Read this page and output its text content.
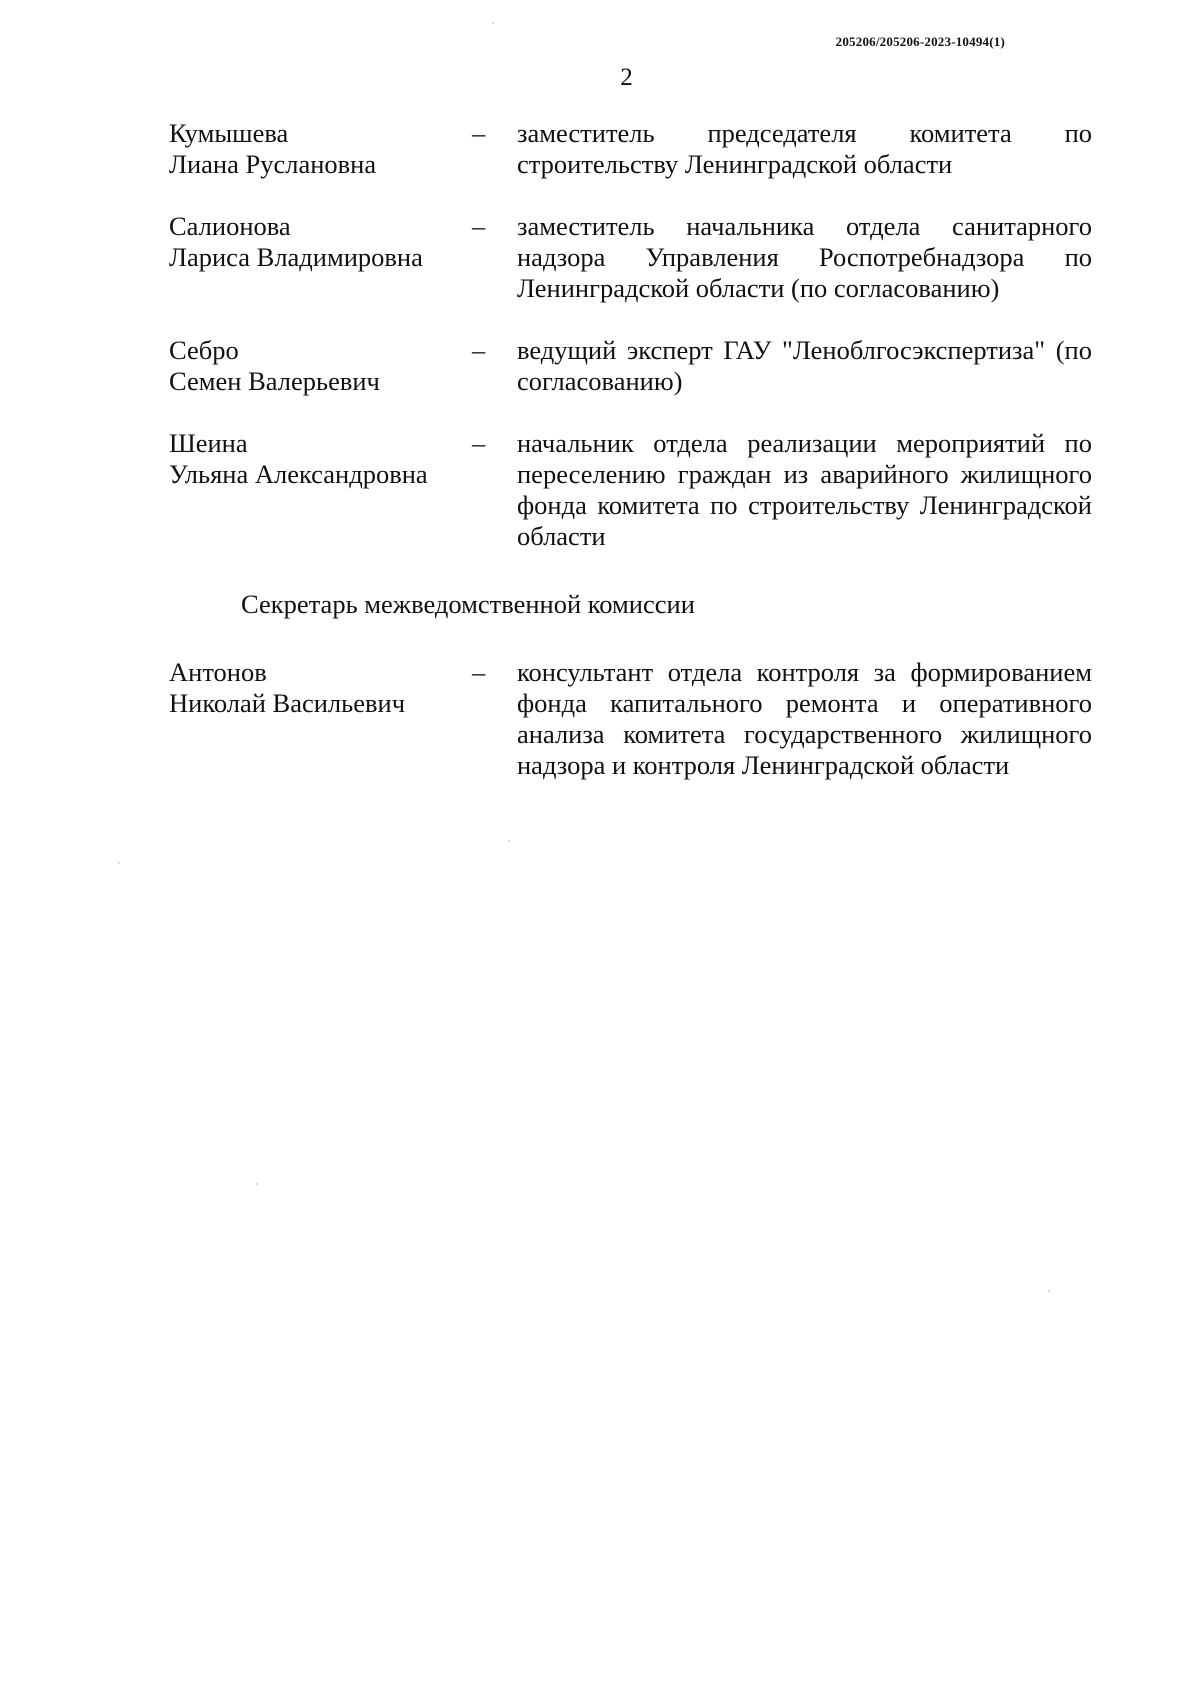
205206/205206-2023-10494(1)
2
Кумышева
Лиана Руслановна
–	заместитель председателя комитета по строительству Ленинградской области
Салионова
Лариса Владимировна
–	заместитель начальника отдела санитарного надзора Управления Роспотребнадзора по Ленинградской области (по согласованию)
Себро
Семен Валерьевич
–	ведущий эксперт ГАУ "Леноблгосэкспертиза" (по согласованию)
Шеина
Ульяна Александровна
–	начальник отдела реализации мероприятий по переселению граждан из аварийного жилищного фонда комитета по строительству Ленинградской области
Секретарь межведомственной комиссии
Антонов
Николай Васильевич
–	консультант отдела контроля за формированием фонда капитального ремонта и оперативного анализа комитета государственного жилищного надзора и контроля Ленинградской области
